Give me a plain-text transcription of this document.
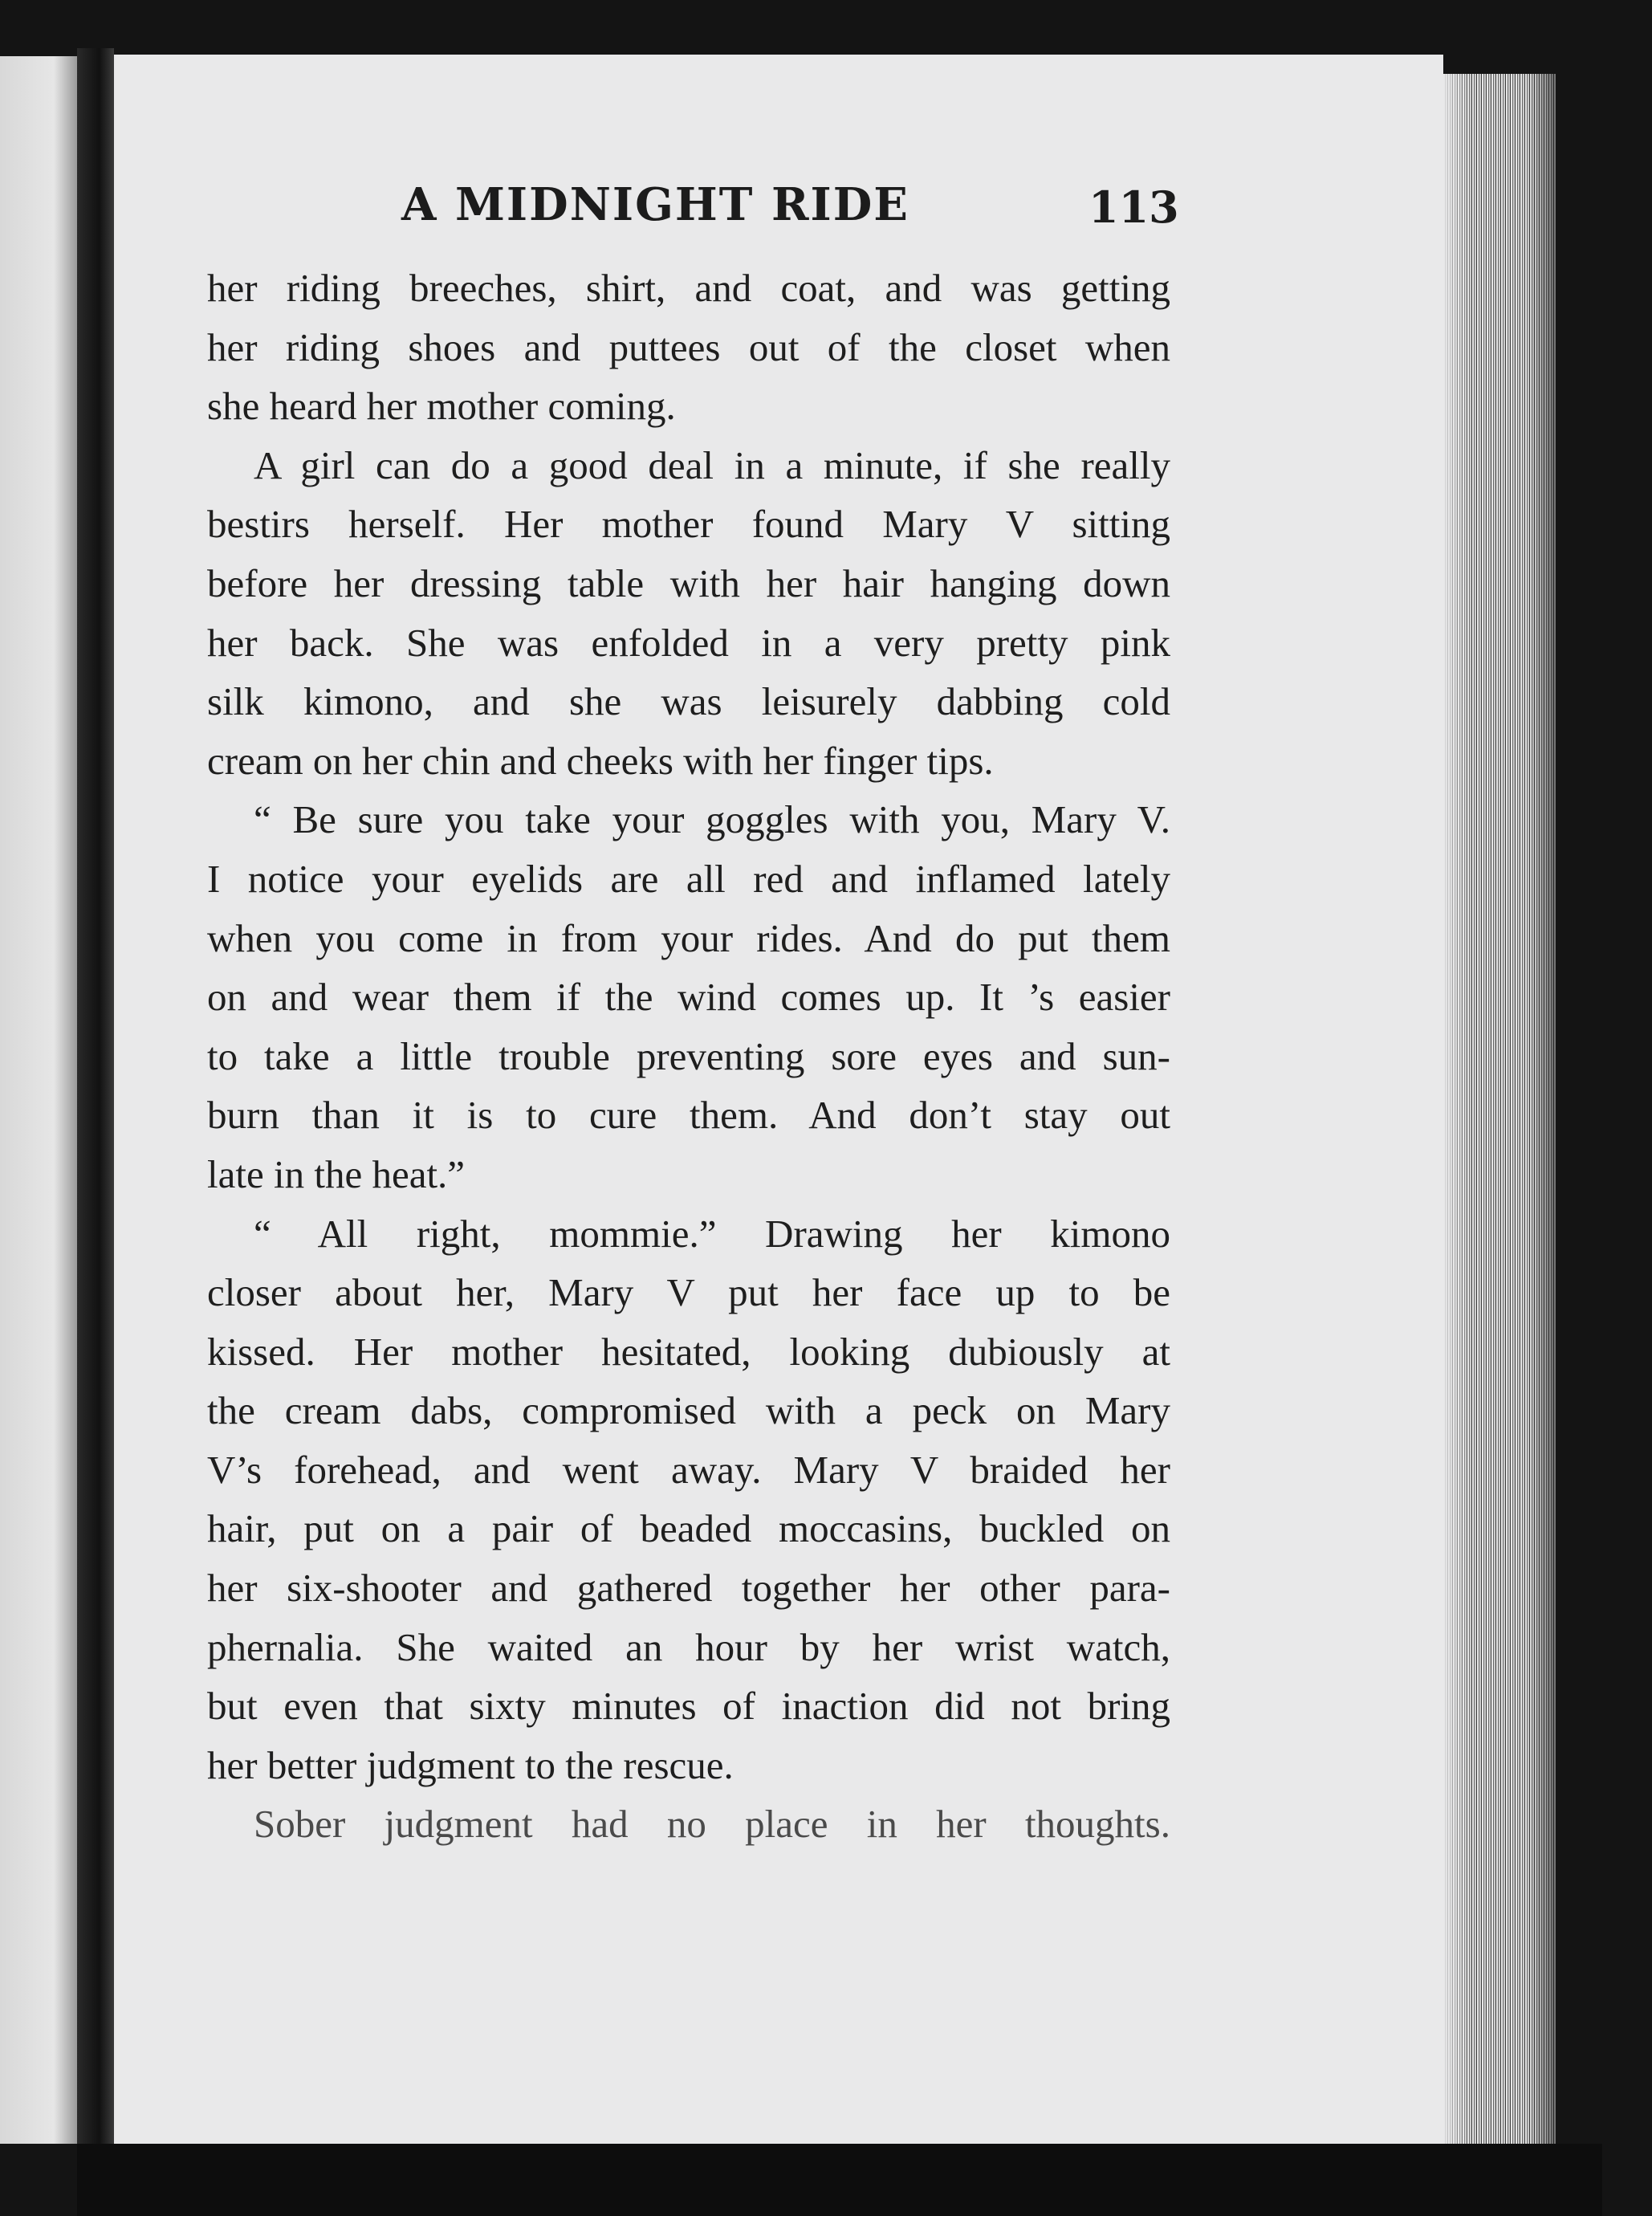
A MIDNIGHT RIDE	113
her riding breeches, shirt, and coat, and was getting
her riding shoes and puttees out of the closet when
she heard her mother coming.
A girl can do a good deal in a minute, if she really
bestirs herself. Her mother found Mary V sitting
before her dressing table with her hair hanging down
her back. She was enfolded in a very pretty pink
silk kimono, and she was leisurely dabbing cold
cream on her chin and cheeks with her finger tips.
“ Be sure you take your goggles with you, Mary V.
I notice your eyelids are all red and inflamed lately
when you come in from your rides. And do put them
on and wear them if the wind comes up. It ’s easier
to take a little trouble preventing sore eyes and sun-
burn than it is to cure them. And don’t stay out
late in the heat.”
“ All right, mommie.” Drawing her kimono
closer about her, Mary V put her face up to be
kissed. Her mother hesitated, looking dubiously at
the cream dabs, compromised with a peck on Mary
V’s forehead, and went away. Mary V braided her
hair, put on a pair of beaded moccasins, buckled on
her six-shooter and gathered together her other para-
phernalia. She waited an hour by her wrist watch,
but even that sixty minutes of inaction did not bring
her better judgment to the rescue.
Sober judgment had no place in her thoughts.
